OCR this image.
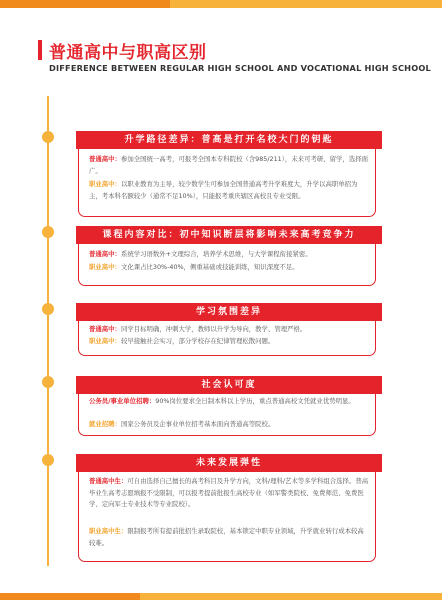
普通高中与职高区别
DIFFERENCE BETWEEN REGULAR HIGH SCHOOL AND VOCATIONAL HIGH SCHOOL
普通高中：参加全国统一高考，可报考全国本专科院校（含985/211），未来可考研、留学，选择面广。
职业高中：以职业教育为主导，较少数学生可参加全国普通高考升学难度大，升学以高职单招为主，考本科名额较少（通常不足10%），只能报考重庆辖区高校且专业受限。
升学路径差异：普高是打开名校大门的钥匙
普通高中：系统学习语数外+文理综合，培养学术思维，与大学课程衔接紧密。
职业高中：文化课占比30%-40%，侧重基础或技能训练，知识深度不足。
课程内容对比：初中知识断层将影响未来高考竞争力
普通高中：同学目标明确，冲刺大学，教师以升学为导向，教学、管理严格。
职业高中：较早接触社会实习，部分学校存在纪律管理松散问题。
学习氛围差异
公务员/事业单位招聘：90%岗位要求全日制本科以上学历，重点普通高校文凭就业优势明显。
就业招聘：国家公务员及企事业单位招考基本面向普通高等院校。
社会认可度
普通高中生：可自由选择自己擅长的高考科目及升学方向，文科/理科/艺术等多学科组合选择。普高毕业生高考志愿填报不受限制，可以报考提前批报生高校专业（如军警类院校、免费师范、免费医学、定向军士专业技术等专业院校）。
职业高中生：限制报考所有提前批招生录取院校，基本锁定中职专业领域，升学就业转行成本较高较难。
未来发展弹性
